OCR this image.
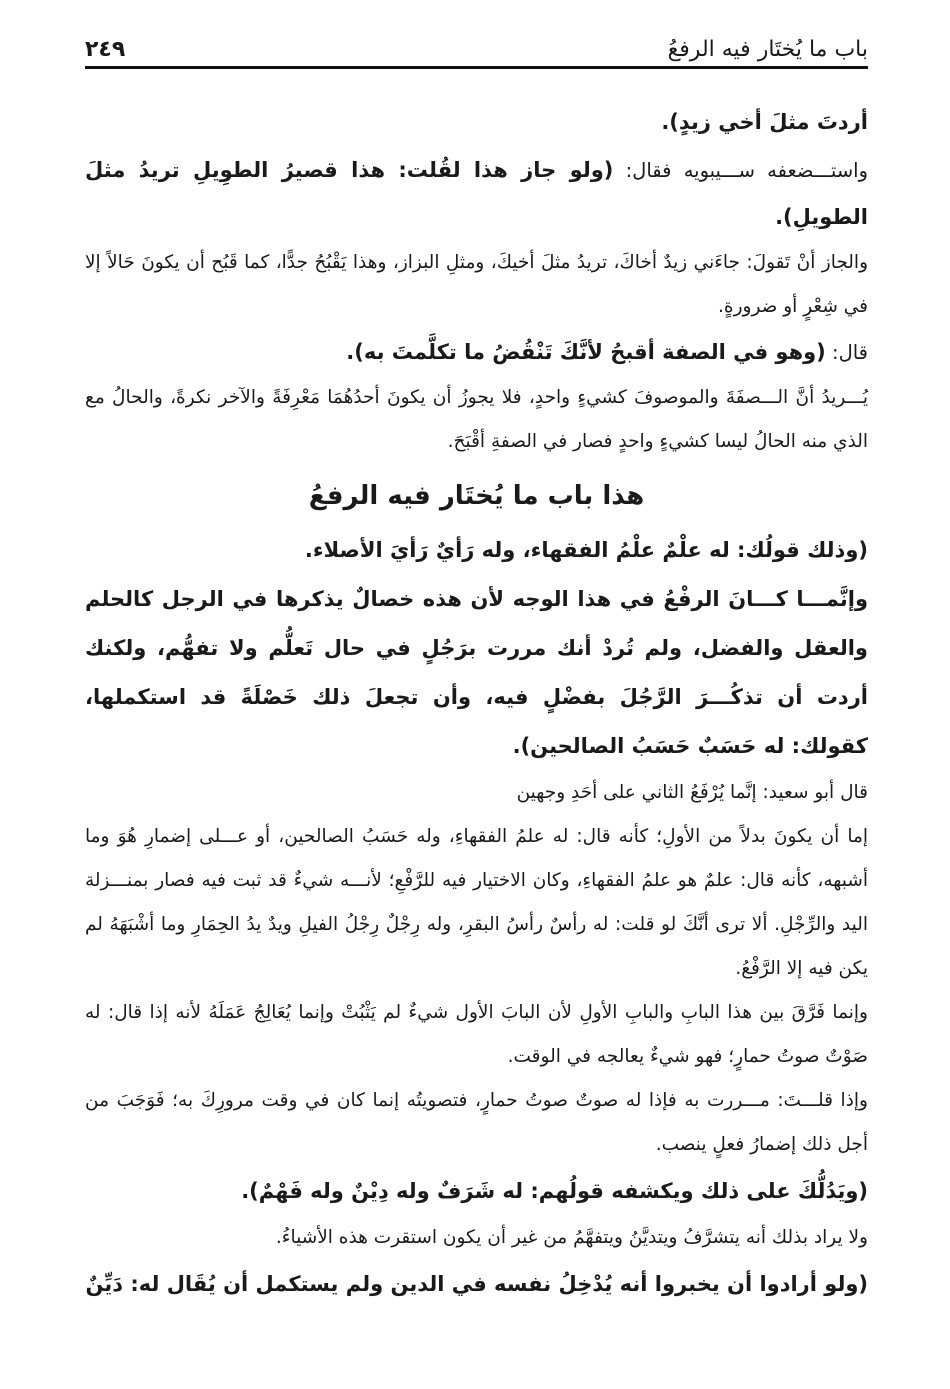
باب ما يُختَار فيه الرفعُ
٢٤٩

أردتَ مثلَ أخي زيدٍ).

واستـــضعفه ســـيبويه فقال: (ولو جاز هذا لقُلت: هذا قصيرُ الطوِيلِ تريدُ مثلَ الطويلِ).

والجاز أنْ تَقولَ: جاءَني زيدٌ أخاكَ، تريدُ مثلَ أخيكَ، ومثلِ البزاز، وهذا يَقْبُحُ جدًّا، كما قَبُح أن يكونَ حَالاً إلا في شِعْرٍ أو ضرورةٍ.

قال: (وهو في الصفة أقبحُ لأنَّكَ تَنْقُضُ ما تكلَّمتَ به).

يُـــريدُ أنَّ الـــصفَةَ والموصوفَ كشيءٍ واحدٍ، فلا يجوزُ أن يكونَ أحدُهُمَا مَعْرِفَةً والآخر نكرةً، والحالُ مع الذي منه الحالُ ليسا كشيءٍ واحدٍ فصار في الصفةِ أقْبَحَ.

هذا باب ما يُختَار فيه الرفعُ

(وذلك قولُك: له علْمٌ علْمُ الفقهاء، وله رَأيٌ رَأيَ الأصلاء.

وإنَّمـــا كـــانَ الرفْعُ في هذا الوجه لأن هذه خصالٌ يذكرها في الرجل كالحلم والعقل والفضل، ولم تُردْ أنك مررت برَجُلٍ في حال تَعلُّم ولا تفهُّم، ولكنك أردت أن تذكُـــرَ الرَّجُلَ بفضْلٍ فيه، وأن تجعلَ ذلك خَصْلَةً قد استكملها، كقولك: له حَسَبٌ حَسَبُ الصالحين).

قال أبو سعيد: إنَّما يُرْفَعُ الثاني على أحَدِ وجهين

إما أن يكونَ بدلاً من الأولِ؛ كأنه قال: له علمُ الفقهاءِ، وله حَسَبُ الصالحين، أو عـــلى إضمارِ هُوَ وما أشبهه، كأنه قال: علمٌ هو علمُ الفقهاءِ، وكان الاختيار فيه للرَّفْعِ؛ لأنـــه شيءٌ قد ثبت فيه فصار بمنـــزلة اليد والرِّجْلِ. ألا ترى أنَّكَ لو قلت: له رأسٌ رأسُ البقرِ، وله رِجْلٌ رِجْلُ الفيلِ ويدٌ يدُ الحِمَارِ وما أشْبَهَهُ لم يكن فيه إلا الرَّفْعُ.

وإنما فَرَّقَ بين هذا البابِ والبابِ الأولِ لأن البابَ الأول شيءٌ لم يَثْبُتْ وإنما يُعَالِجُ عَمَلَهُ لأنه إذا قال: له صَوْتٌ صوتُ حمارٍ؛ فهو شيءٌ يعالجه في الوقت.

وإذا قلـــتَ: مـــررت به فإذا له صوتٌ صوتُ حمارٍ، فتصويتُه إنما كان في وقت مرورِكَ به؛ فَوَجَبَ من أجل ذلك إضمارُ فعلٍ ينصب.

(ويَدُلُّكَ على ذلك ويكشفه قولُهم: له شَرَفٌ وله دِيْنٌ وله فَهْمٌ).

ولا يراد بذلك أنه يتشرَّفُ ويتديَّنُ ويتفهَّمُ من غير أن يكون استقرت هذه الأشياءُ.

(ولو أرادوا أن يخبروا أنه يُدْخِلُ نفسه في الدين ولم يستكمل أن يُقَال له: دَيِّنٌ
